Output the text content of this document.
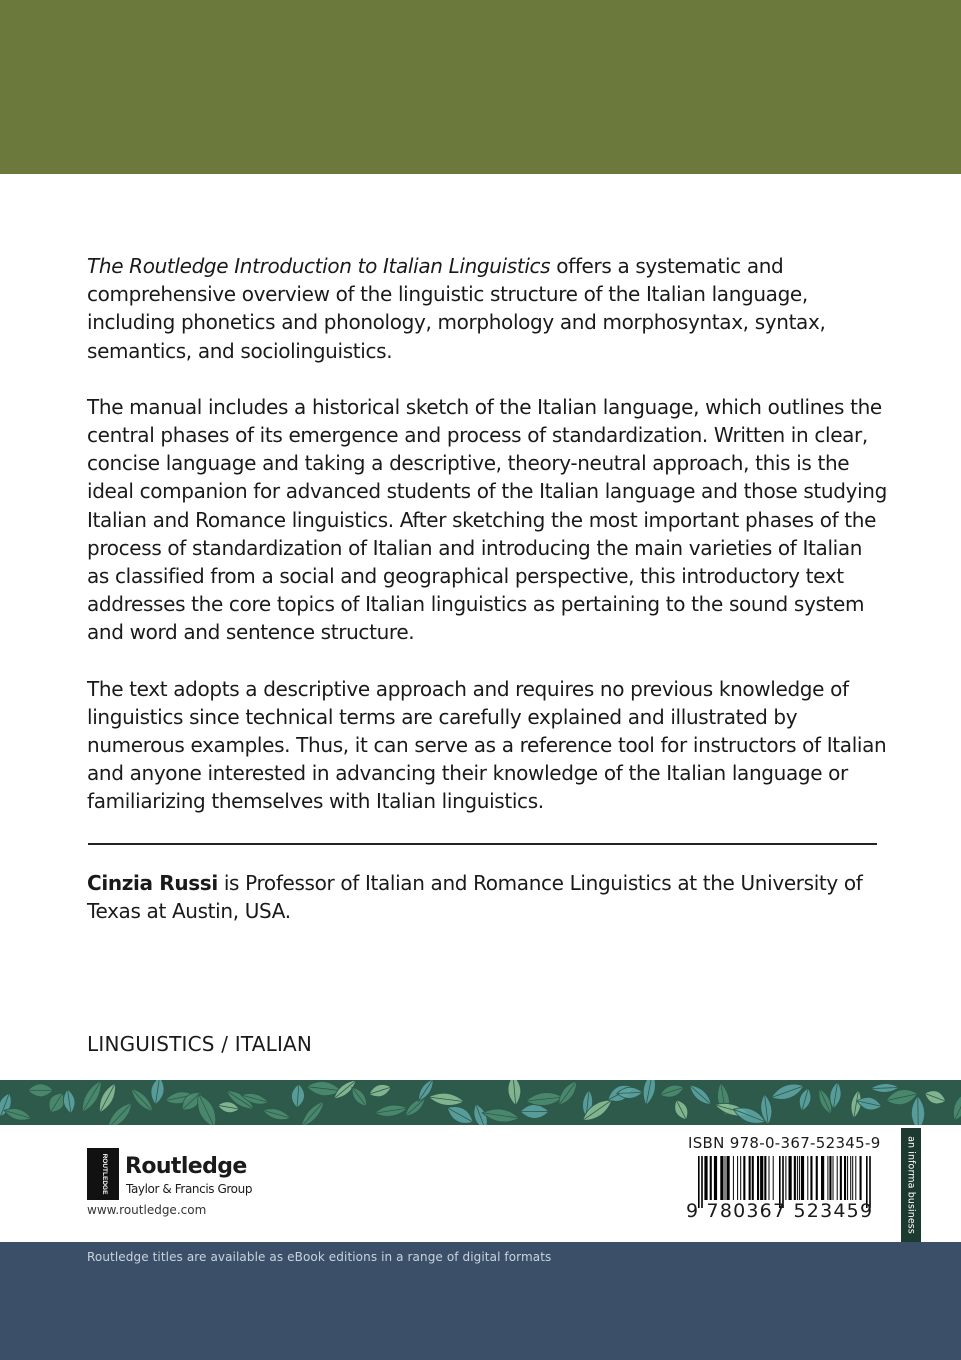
The Routledge Introduction to Italian Linguistics offers a systematic and comprehensive overview of the linguistic structure of the Italian language, including phonetics and phonology, morphology and morphosyntax, syntax, semantics, and sociolinguistics.

The manual includes a historical sketch of the Italian language, which outlines the central phases of its emergence and process of standardization. Written in clear, concise language and taking a descriptive, theory-neutral approach, this is the ideal companion for advanced students of the Italian language and those studying Italian and Romance linguistics. After sketching the most important phases of the process of standardization of Italian and introducing the main varieties of Italian as classified from a social and geographical perspective, this introductory text addresses the core topics of Italian linguistics as pertaining to the sound system and word and sentence structure.

The text adopts a descriptive approach and requires no previous knowledge of linguistics since technical terms are carefully explained and illustrated by numerous examples. Thus, it can serve as a reference tool for instructors of Italian and anyone interested in advancing their knowledge of the Italian language or familiarizing themselves with Italian linguistics.

Cinzia Russi is Professor of Italian and Romance Linguistics at the University of Texas at Austin, USA.
LINGUISTICS / ITALIAN
ROUTLEDGE Routledge
Taylor & Francis Group
www.routledge.com
ISBN 978-0-367-52345-9
9 780367 523459	an informa business
Routledge titles are available as eBook editions in a range of digital formats
